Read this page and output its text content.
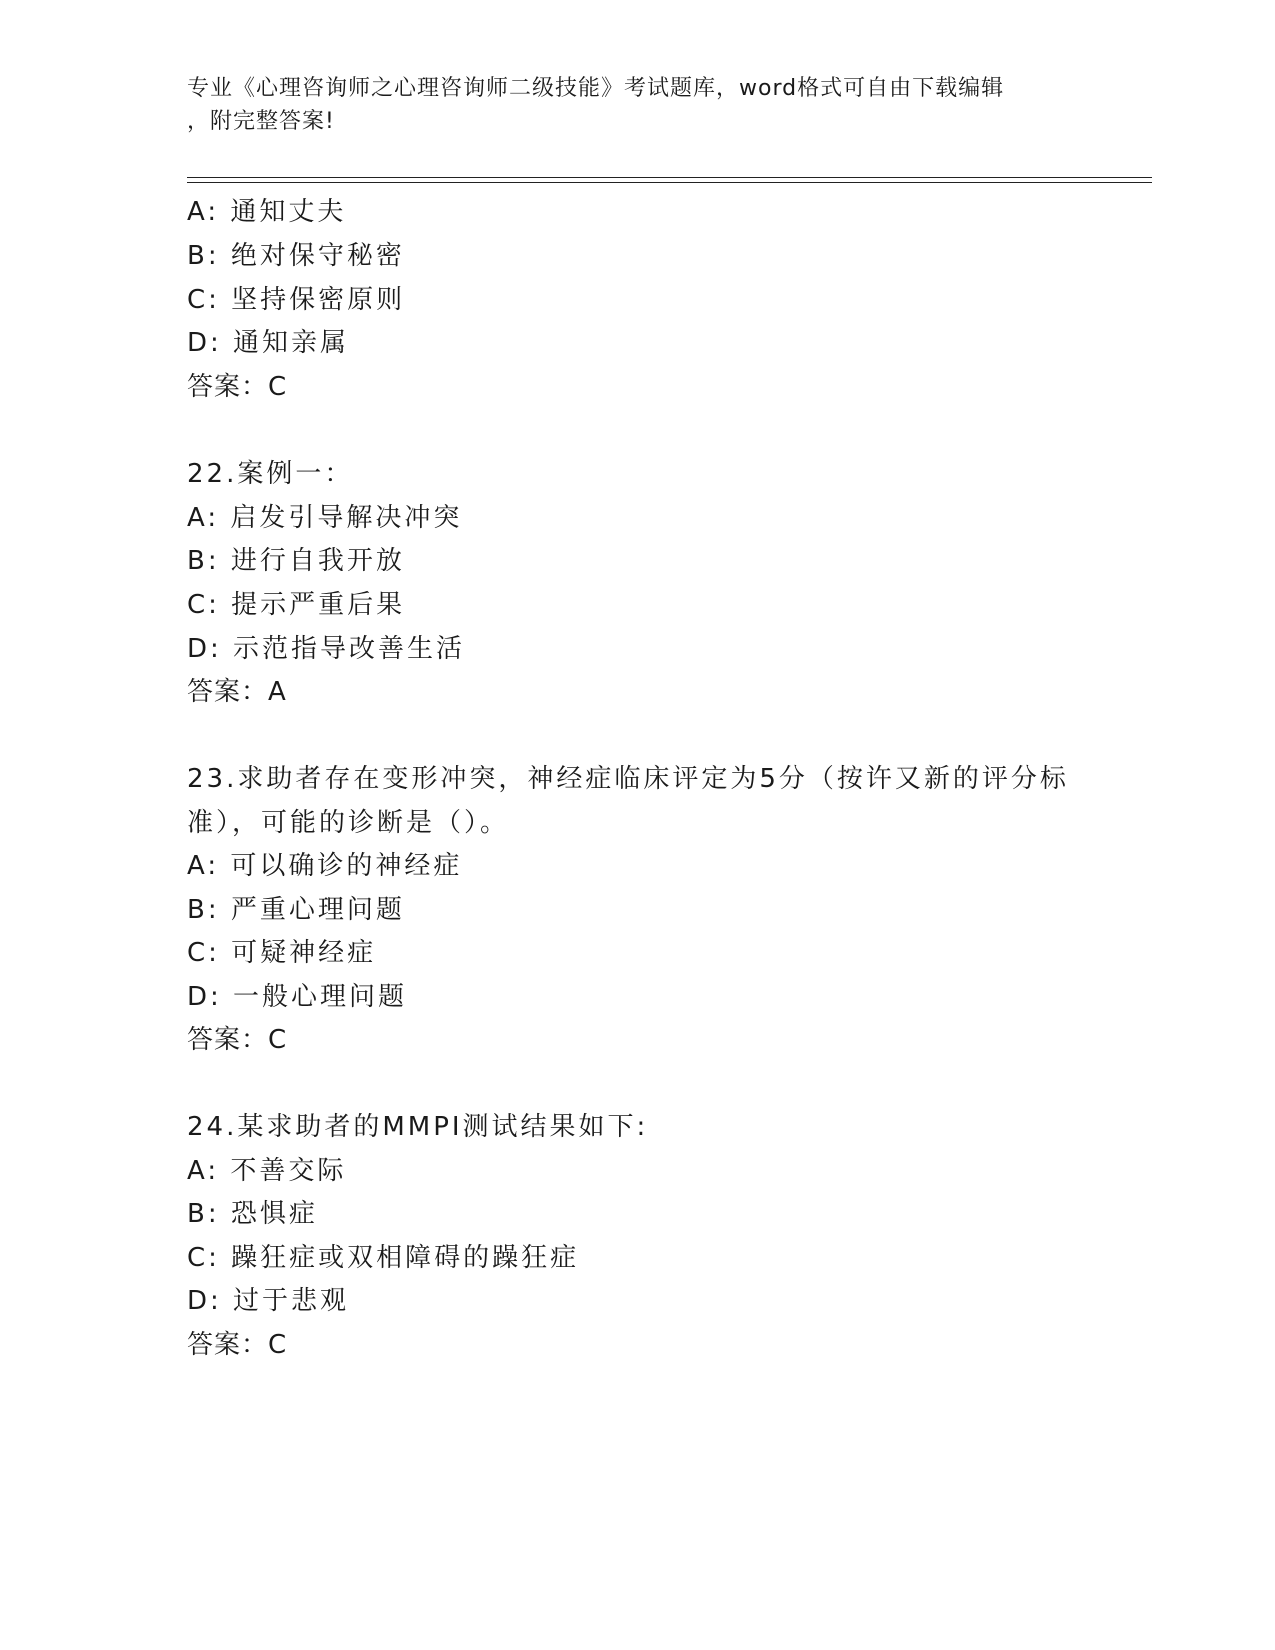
专业《心理咨询师之心理咨询师二级技能》考试题库，word格式可自由下载编辑
，附完整答案!
A: 通知丈夫
B: 绝对保守秘密
C: 坚持保密原则
D: 通知亲属
答案：C
22.案例一：
A: 启发引导解决冲突
B: 进行自我开放
C: 提示严重后果
D: 示范指导改善生活
答案：A
23.求助者存在变形冲突，神经症临床评定为5分（按许又新的评分标
准），可能的诊断是（）。
A: 可以确诊的神经症
B: 严重心理问题
C: 可疑神经症
D: 一般心理问题
答案：C
24.某求助者的MMPI测试结果如下:
A: 不善交际
B: 恐惧症
C: 躁狂症或双相障碍的躁狂症
D: 过于悲观
答案：C
